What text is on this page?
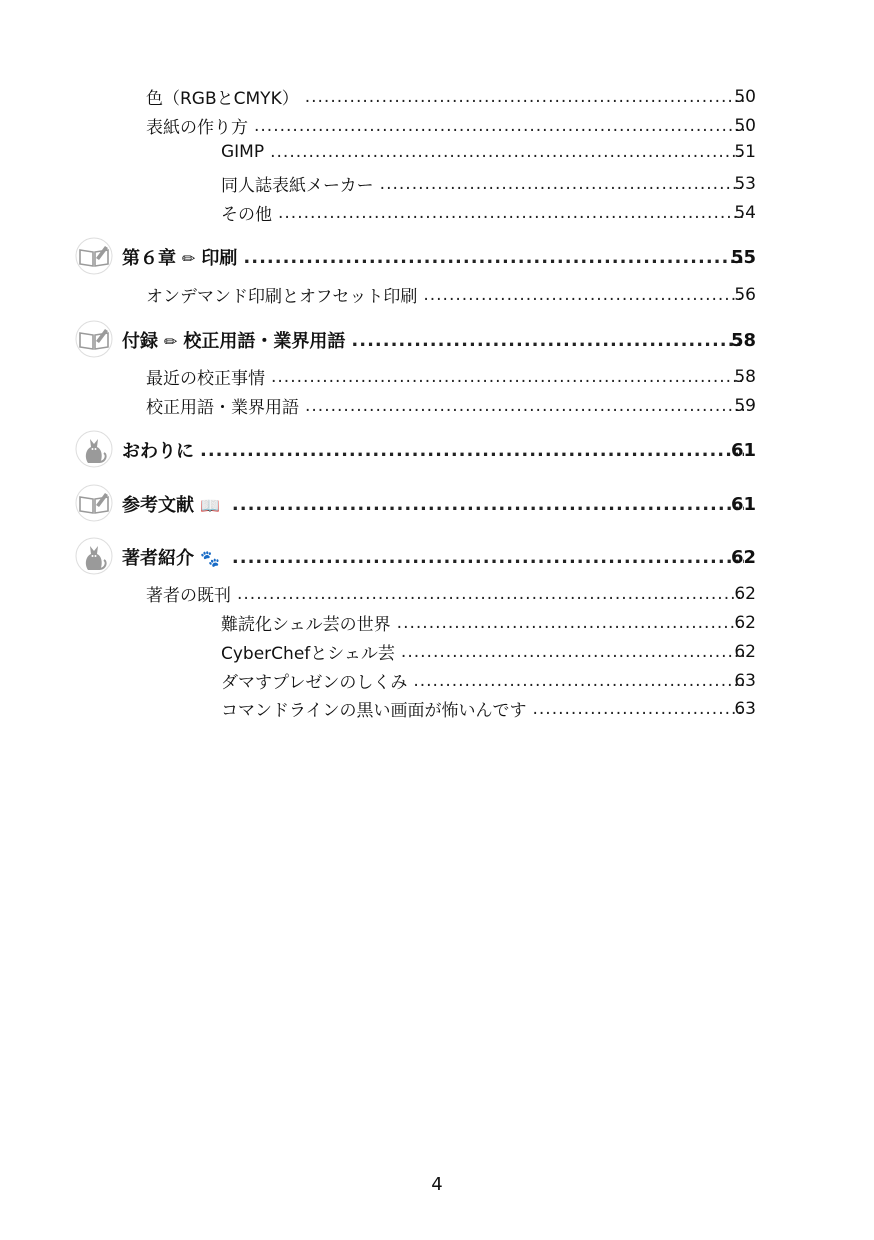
色（RGBとCMYK） .....	50
表紙の作り方 .....	50
GIMP .....	51
同人誌表紙メーカー .....	53
その他 .....	54
第６章 ✏ 印刷 .....	55
オンデマンド印刷とオフセット印刷 .....	56
付録 ✏ 校正用語・業界用語 .....	58
最近の校正事情 .....	58
校正用語・業界用語 .....	59
おわりに .....	61
参考文献 📖 .....	61
著者紹介 🐾 .....	62
著者の既刊 .....	62
難読化シェル芸の世界 .....	62
CyberChefとシェル芸 .....	62
ダマすプレゼンのしくみ .....	63
コマンドラインの黒い画面が怖いんです .....	63
4
